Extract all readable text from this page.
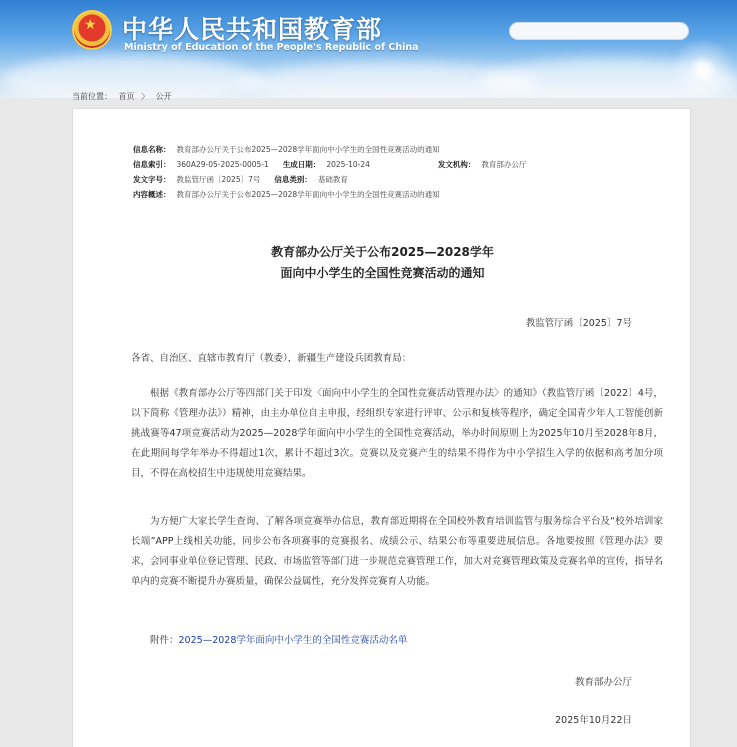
★ 中华人民共和国教育部
Ministry of Education of the People's Republic of China
当前位置： 首页 〉 公开
信息名称： 教育部办公厅关于公布2025—2028学年面向中小学生的全国性竞赛活动的通知
信息索引： 360A29-05-2025-0005-1 生成日期： 2025-10-24	发文机构： 教育部办公厅
发文字号： 教监管厅函〔2025〕7号 信息类别： 基础教育
内容概述： 教育部办公厅关于公布2025—2028学年面向中小学生的全国性竞赛活动的通知
教育部办公厅关于公布2025—2028学年
面向中小学生的全国性竞赛活动的通知
教监管厅函〔2025〕7号
各省、自治区、直辖市教育厅（教委），新疆生产建设兵团教育局：
根据《教育部办公厅等四部门关于印发〈面向中小学生的全国性竞赛活动管理办法〉的通知》（教监管厅函〔2022〕4号，以下简称《管理办法》）精神，由主办单位自主申报，经组织专家进行评审、公示和复核等程序，确定全国青少年人工智能创新挑战赛等47项竞赛活动为2025—2028学年面向中小学生的全国性竞赛活动，举办时间原则上为2025年10月至2028年8月，在此期间每学年举办不得超过1次，累计不超过3次。竞赛以及竞赛产生的结果不得作为中小学招生入学的依据和高考加分项目，不得在高校招生中违规使用竞赛结果。
为方便广大家长学生查询、了解各项竞赛举办信息，教育部近期将在全国校外教育培训监管与服务综合平台及“校外培训家长端”APP上线相关功能，同步公布各项赛事的竞赛报名、成绩公示、结果公布等重要进展信息。各地要按照《管理办法》要求，会同事业单位登记管理、民政、市场监管等部门进一步规范竞赛管理工作，加大对竞赛管理政策及竞赛名单的宣传，指导名单内的竞赛不断提升办赛质量，确保公益属性，充分发挥竞赛育人功能。
附件：2025—2028学年面向中小学生的全国性竞赛活动名单
教育部办公厅
2025年10月22日
